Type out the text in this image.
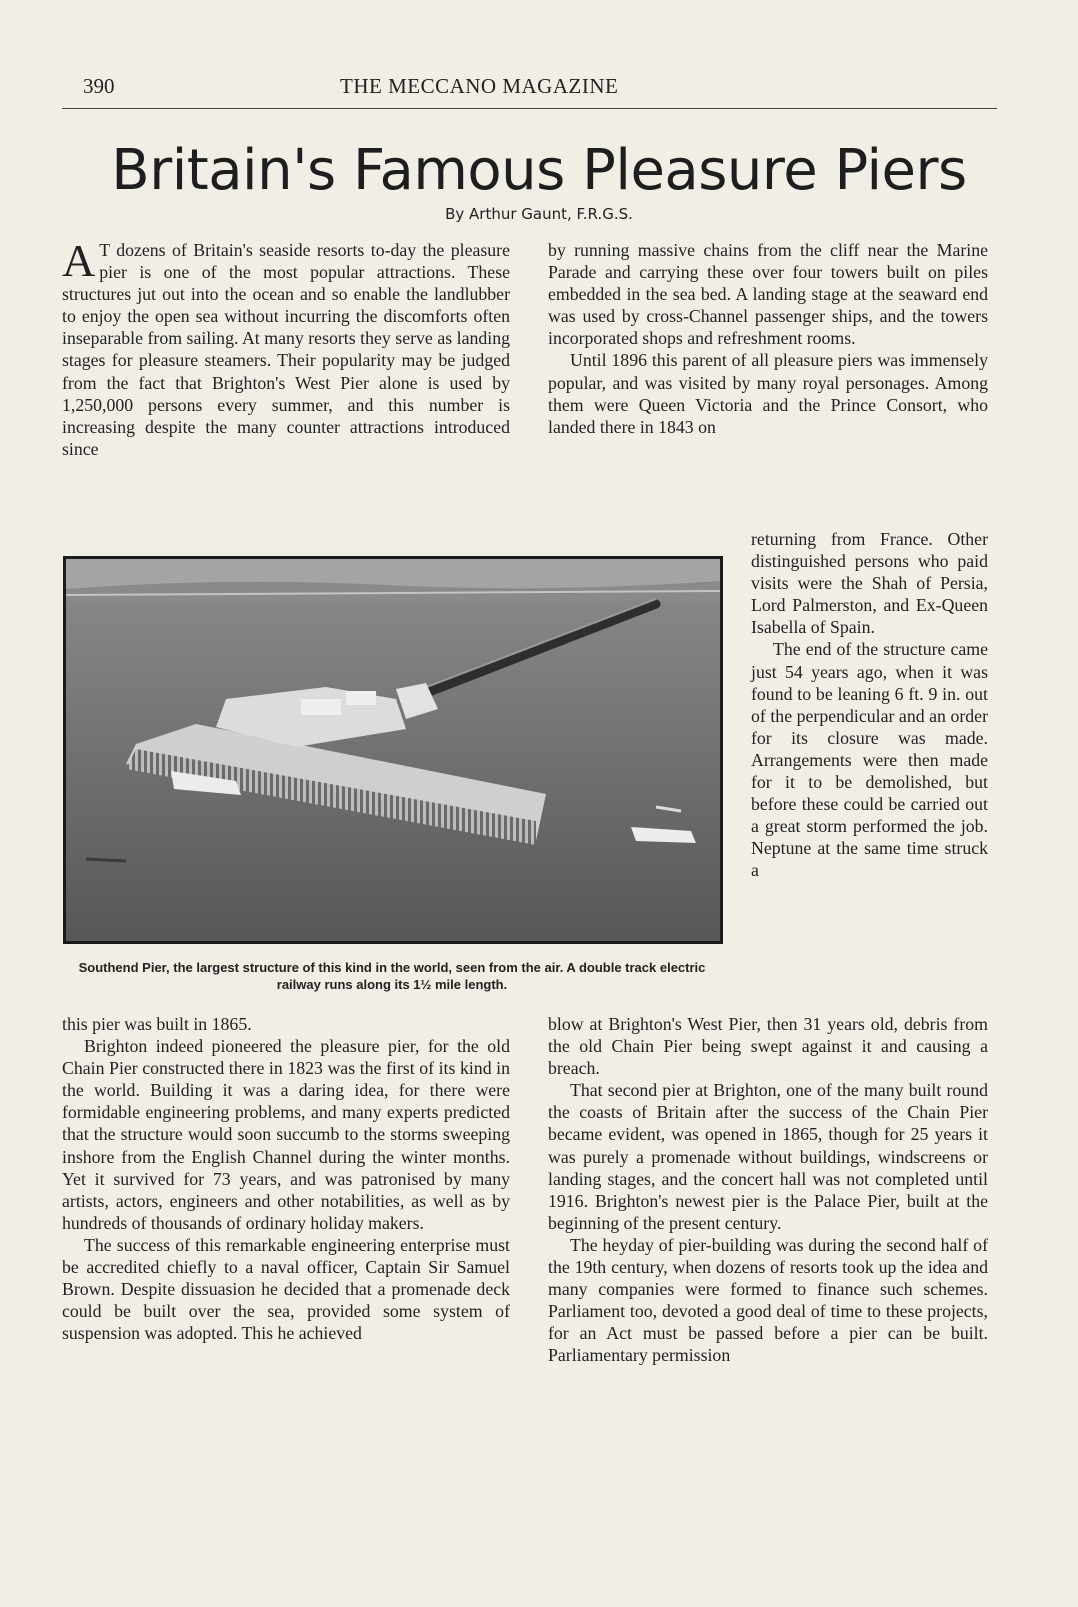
390	THE MECCANO MAGAZINE
Britain's Famous Pleasure Piers
By Arthur Gaunt, F.R.G.S.

A T dozens of Britain's seaside resorts to-day the pleasure pier is one of the most popular attractions. These structures jut out into the ocean and so enable the landlubber to enjoy the open sea without incurring the discomforts often inseparable from sailing. At many resorts they serve as landing stages for pleasure steamers. Their popularity may be judged from the fact that Brighton's West Pier alone is used by 1,250,000 persons every summer, and this number is increasing despite the many counter attractions introduced since

by running massive chains from the cliff near the Marine Parade and carrying these over four towers built on piles embedded in the sea bed. A landing stage at the seaward end was used by cross-Channel passenger ships, and the towers incorporated shops and refreshment rooms.

Until 1896 this parent of all pleasure piers was immensely popular, and was visited by many royal personages. Among them were Queen Victoria and the Prince Consort, who landed there in 1843 on

returning from France. Other distinguished persons who paid visits were the Shah of Persia, Lord Palmerston, and Ex-Queen Isabella of Spain.

The end of the structure came just 54 years ago, when it was found to be leaning 6 ft. 9 in. out of the perpendicular and an order for its closure was made. Arrangements were then made for it to be demolished, but before these could be carried out a great storm performed the job. Neptune at the same time struck a

Southend Pier, the largest structure of this kind in the world, seen from the air. A double track electric railway runs along its 1½ mile length.

this pier was built in 1865.

Brighton indeed pioneered the pleasure pier, for the old Chain Pier constructed there in 1823 was the first of its kind in the world. Building it was a daring idea, for there were formidable engineering problems, and many experts predicted that the structure would soon succumb to the storms sweeping inshore from the English Channel during the winter months. Yet it survived for 73 years, and was patronised by many artists, actors, engineers and other notabilities, as well as by hundreds of thousands of ordinary holiday makers.

The success of this remarkable engineering enterprise must be accredited chiefly to a naval officer, Captain Sir Samuel Brown. Despite dissuasion he decided that a promenade deck could be built over the sea, provided some system of suspension was adopted. This he achieved

blow at Brighton's West Pier, then 31 years old, debris from the old Chain Pier being swept against it and causing a breach.

That second pier at Brighton, one of the many built round the coasts of Britain after the success of the Chain Pier became evident, was opened in 1865, though for 25 years it was purely a promenade without buildings, windscreens or landing stages, and the concert hall was not completed until 1916. Brighton's newest pier is the Palace Pier, built at the beginning of the present century.

The heyday of pier-building was during the second half of the 19th century, when dozens of resorts took up the idea and many companies were formed to finance such schemes. Parliament too, devoted a good deal of time to these projects, for an Act must be passed before a pier can be built. Parliamentary permission
